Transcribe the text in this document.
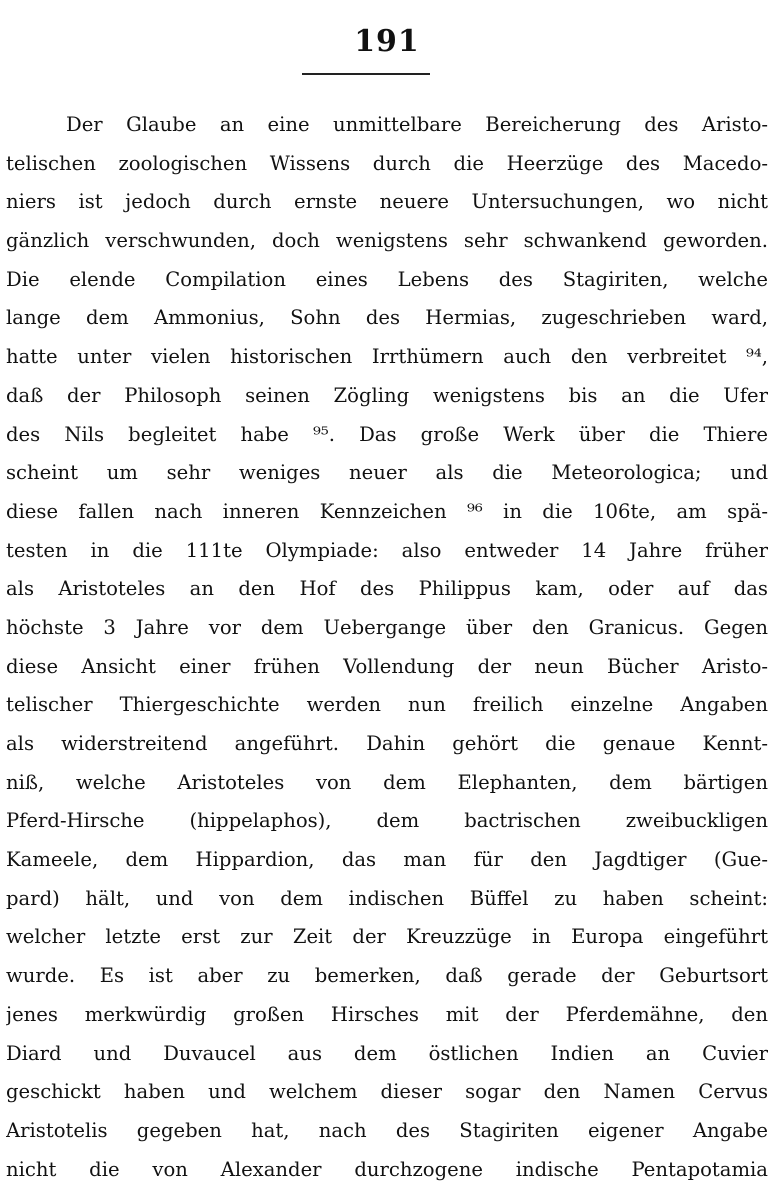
191
Der Glaube an eine unmittelbare Bereicherung des Aristo-
telischen zoologischen Wissens durch die Heerzüge des Macedo-
niers ist jedoch durch ernste neuere Untersuchungen, wo nicht
gänzlich verschwunden, doch wenigstens sehr schwankend geworden.
Die elende Compilation eines Lebens des Stagiriten, welche
lange dem Ammonius, Sohn des Hermias, zugeschrieben ward,
hatte unter vielen historischen Irrthümern auch den verbreitet ⁹⁴,
daß der Philosoph seinen Zögling wenigstens bis an die Ufer
des Nils begleitet habe ⁹⁵. Das große Werk über die Thiere
scheint um sehr weniges neuer als die Meteorologica; und
diese fallen nach inneren Kennzeichen ⁹⁶ in die 106te, am spä-
testen in die 111te Olympiade: also entweder 14 Jahre früher
als Aristoteles an den Hof des Philippus kam, oder auf das
höchste 3 Jahre vor dem Uebergange über den Granicus. Gegen
diese Ansicht einer frühen Vollendung der neun Bücher Aristo-
telischer Thiergeschichte werden nun freilich einzelne Angaben
als widerstreitend angeführt. Dahin gehört die genaue Kennt-
niß, welche Aristoteles von dem Elephanten, dem bärtigen
Pferd-Hirsche (hippelaphos), dem bactrischen zweibuckligen
Kameele, dem Hippardion, das man für den Jagdtiger (Gue-
pard) hält, und von dem indischen Büffel zu haben scheint:
welcher letzte erst zur Zeit der Kreuzzüge in Europa eingeführt
wurde. Es ist aber zu bemerken, daß gerade der Geburtsort
jenes merkwürdig großen Hirsches mit der Pferdemähne, den
Diard und Duvaucel aus dem östlichen Indien an Cuvier
geschickt haben und welchem dieser sogar den Namen Cervus
Aristotelis gegeben hat, nach des Stagiriten eigener Angabe
nicht die von Alexander durchzogene indische Pentapotamia
